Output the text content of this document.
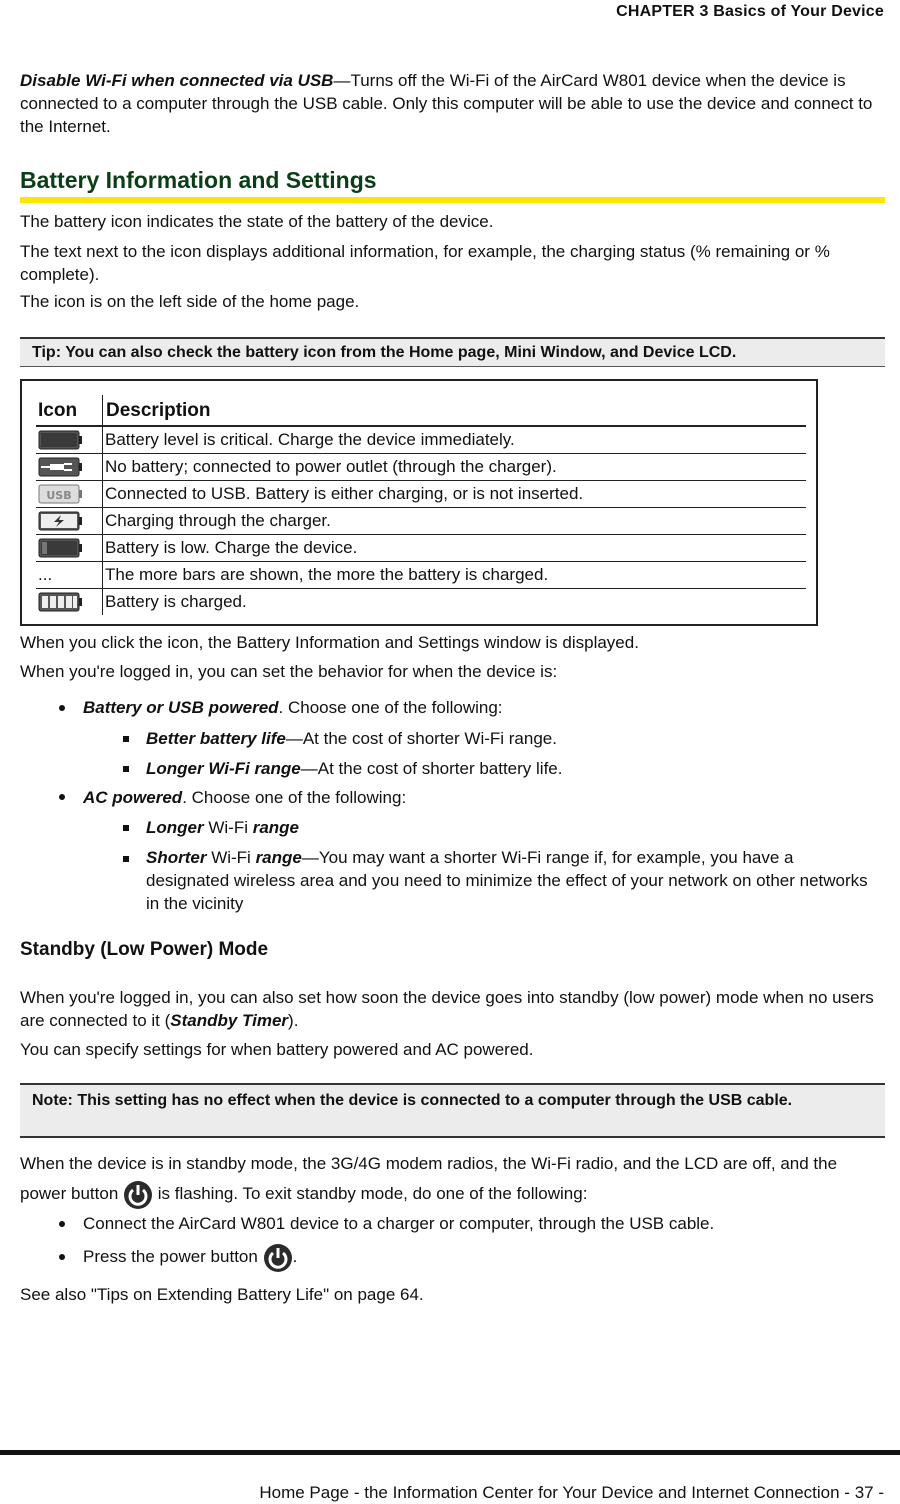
CHAPTER 3 Basics of Your Device

Disable Wi-Fi when connected via USB—Turns off the Wi-Fi of the AirCard W801 device when the device is connected to a computer through the USB cable. Only this computer will be able to use the device and connect to the Internet.

Battery Information and Settings

The battery icon indicates the state of the battery of the device.

The text next to the icon displays additional information, for example, the charging status (% remaining or % complete).

The icon is on the left side of the home page.

Tip: You can also check the battery icon from the Home page, Mini Window, and Device LCD.
Icon	Description
	Battery level is critical. Charge the device immediately.
	No battery; connected to power outlet (through the charger).

USB	Connected to USB. Battery is either charging, or is not inserted.
	Charging through the charger.
	Battery is low. Charge the device.
...	The more bars are shown, the more the battery is charged.
	Battery is charged.

When you click the icon, the Battery Information and Settings window is displayed.

When you're logged in, you can set the behavior for when the device is:

Battery or USB powered. Choose one of the following:
Better battery life—At the cost of shorter Wi-Fi range.
Longer Wi-Fi range—At the cost of shorter battery life.
AC powered. Choose one of the following:
Longer Wi-Fi range
Shorter Wi-Fi range—You may want a shorter Wi-Fi range if, for example, you have a designated wireless area and you need to minimize the effect of your network on other networks in the vicinity
Standby (Low Power) Mode

When you're logged in, you can also set how soon the device goes into standby (low power) mode when no users are connected to it (Standby Timer).

You can specify settings for when battery powered and AC powered.

Note: This setting has no effect when the device is connected to a computer through the USB cable.

When the device is in standby mode, the 3G/4G modem radios, the Wi-Fi radio, and the LCD are off, and the power button is flashing. To exit standby mode, do one of the following:

Connect the AirCard W801 device to a charger or computer, through the USB cable.
Press the power button .

See also "Tips on Extending Battery Life" on page 64.

Home Page - the Information Center for Your Device and Internet Connection - 37 -
